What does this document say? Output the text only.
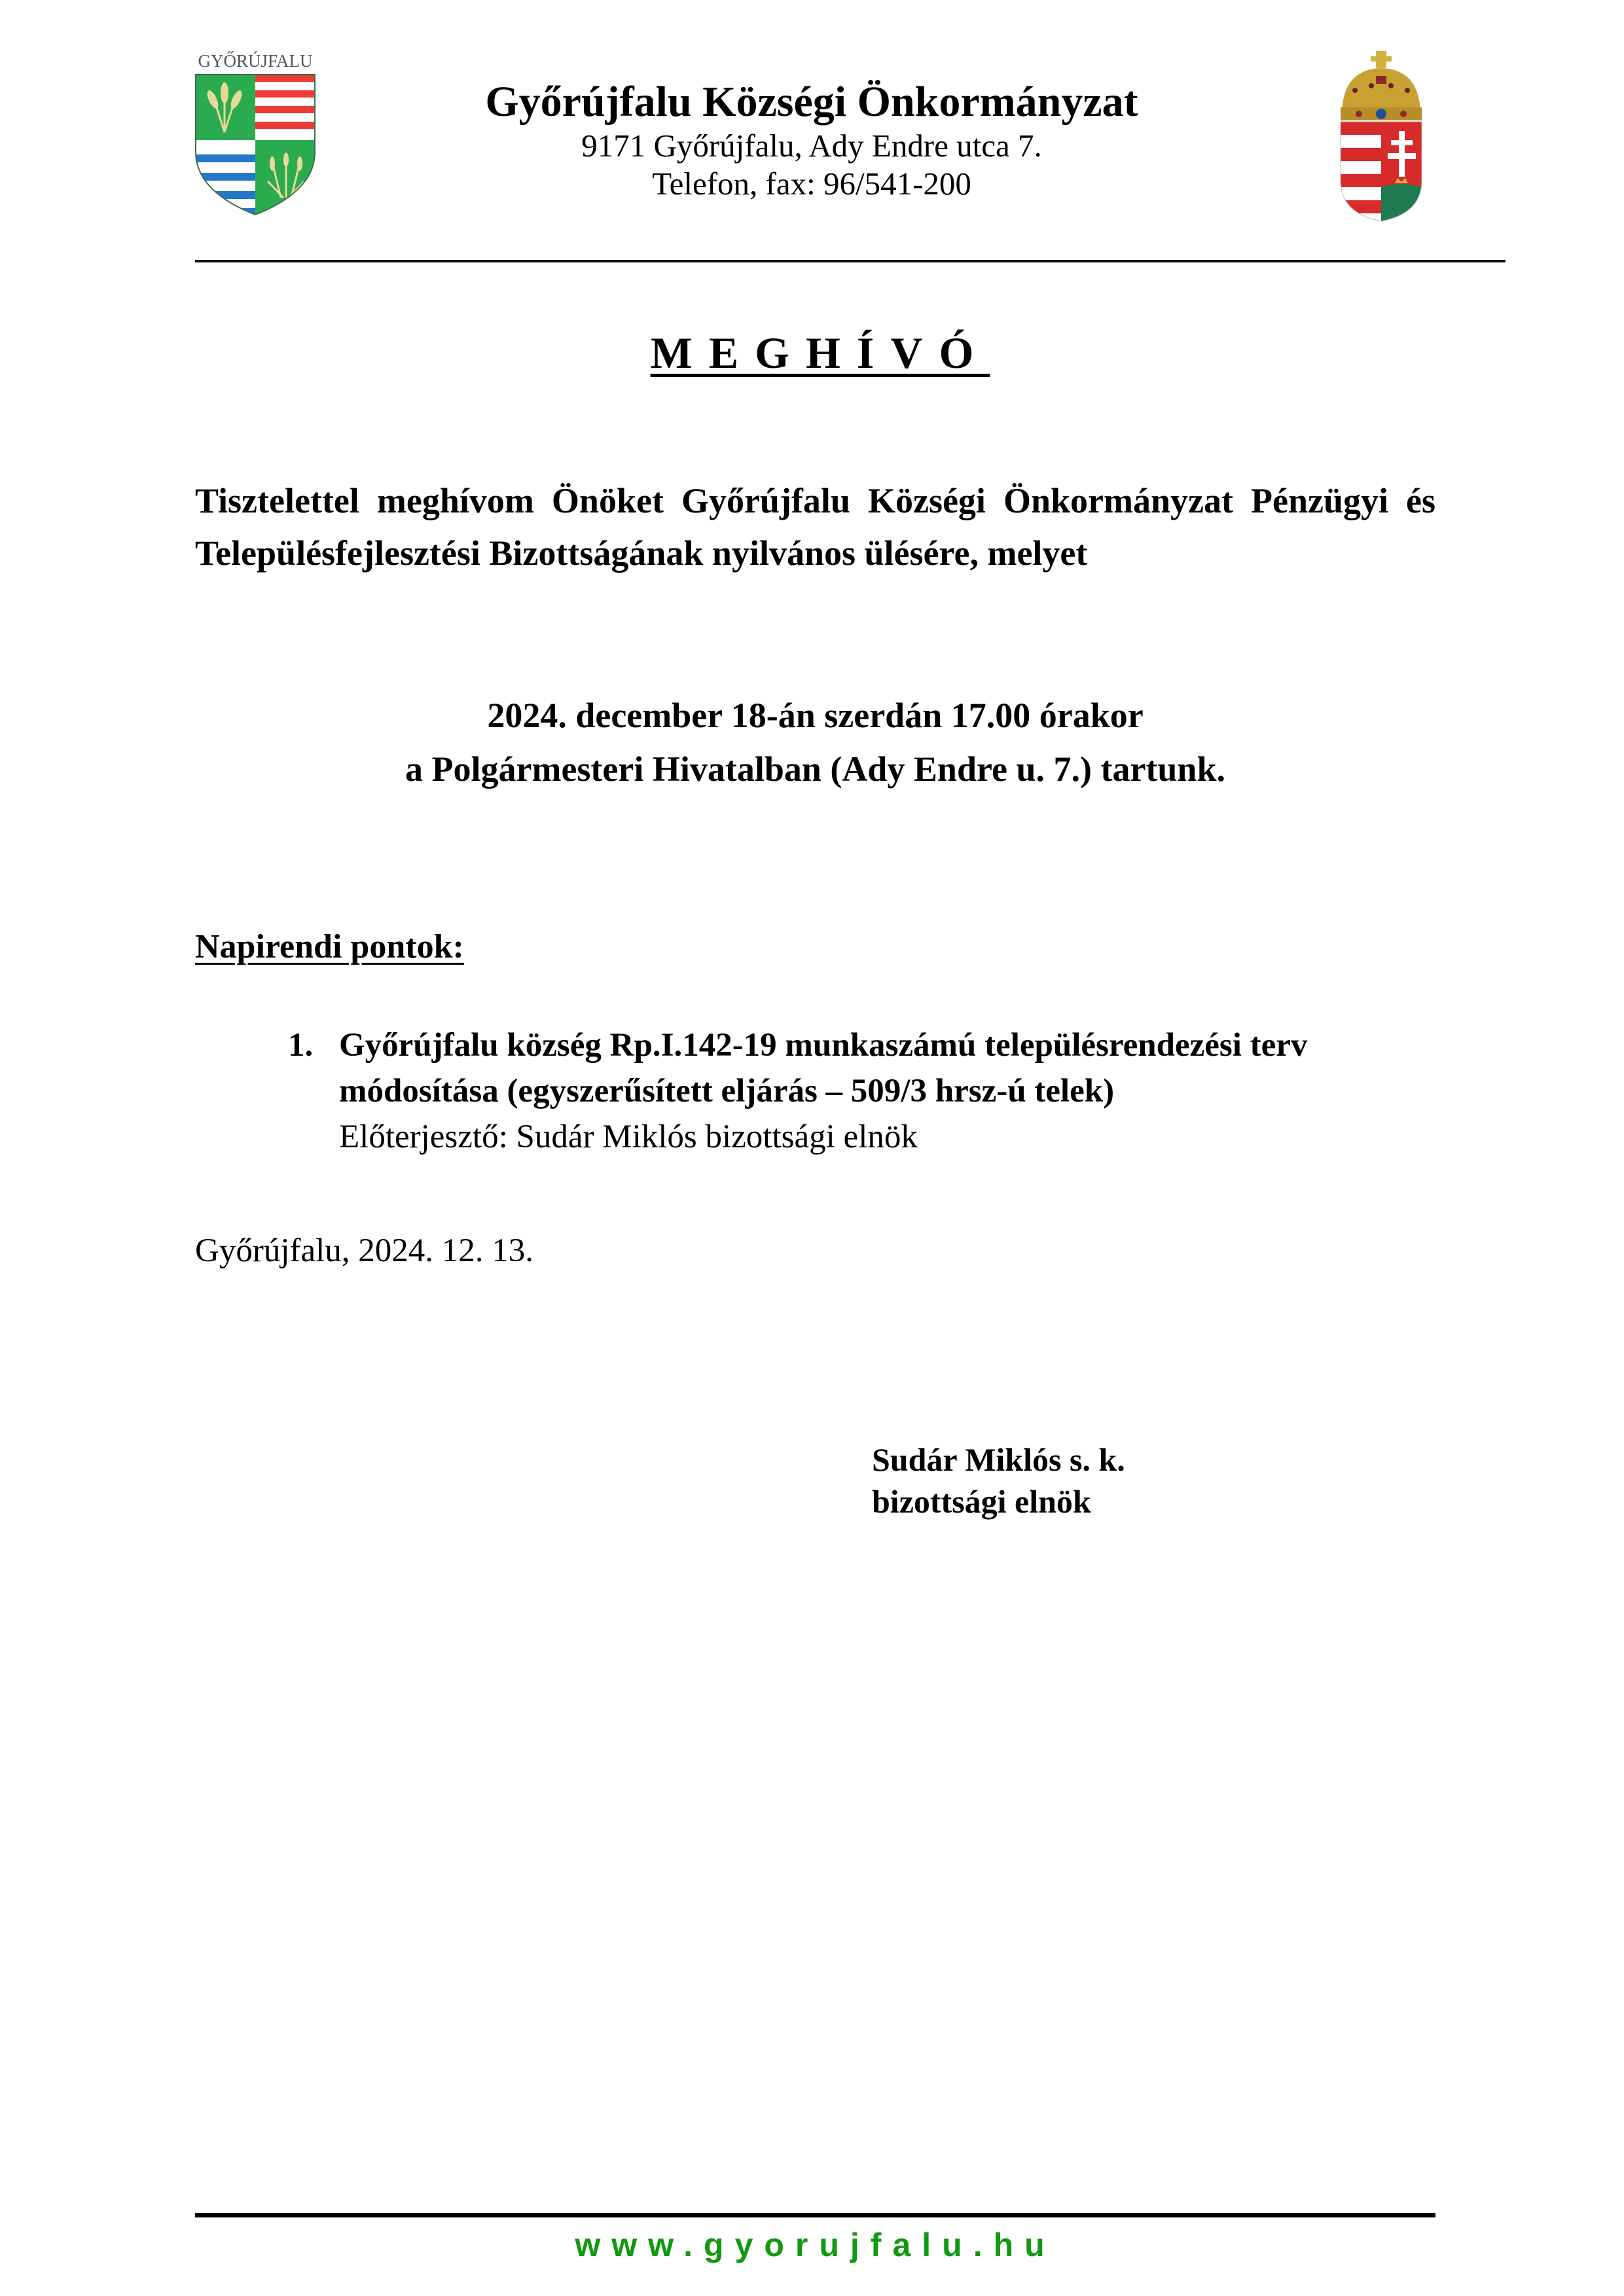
GYŐRÚJFALU
Győrújfalu Községi Önkormányzat
9171 Győrújfalu, Ady Endre utca 7.
Telefon, fax: 96/541-200
MEGHÍVÓ
Tisztelettel meghívom Önöket Győrújfalu Községi Önkormányzat Pénzügyi és Településfejlesztési Bizottságának nyilvános ülésére, melyet
2024. december 18-án szerdán 17.00 órakor
a Polgármesteri Hivatalban (Ady Endre u. 7.) tartunk.
Napirendi pontok:
1. Győrújfalu község Rp.I.142-19 munkaszámú településrendezési terv módosítása (egyszerűsített eljárás – 509/3 hrsz-ú telek)
Előterjesztő: Sudár Miklós bizottsági elnök
Győrújfalu, 2024. 12. 13.
Sudár Miklós s. k.
bizottsági elnök
www.gyorujfalu.hu
